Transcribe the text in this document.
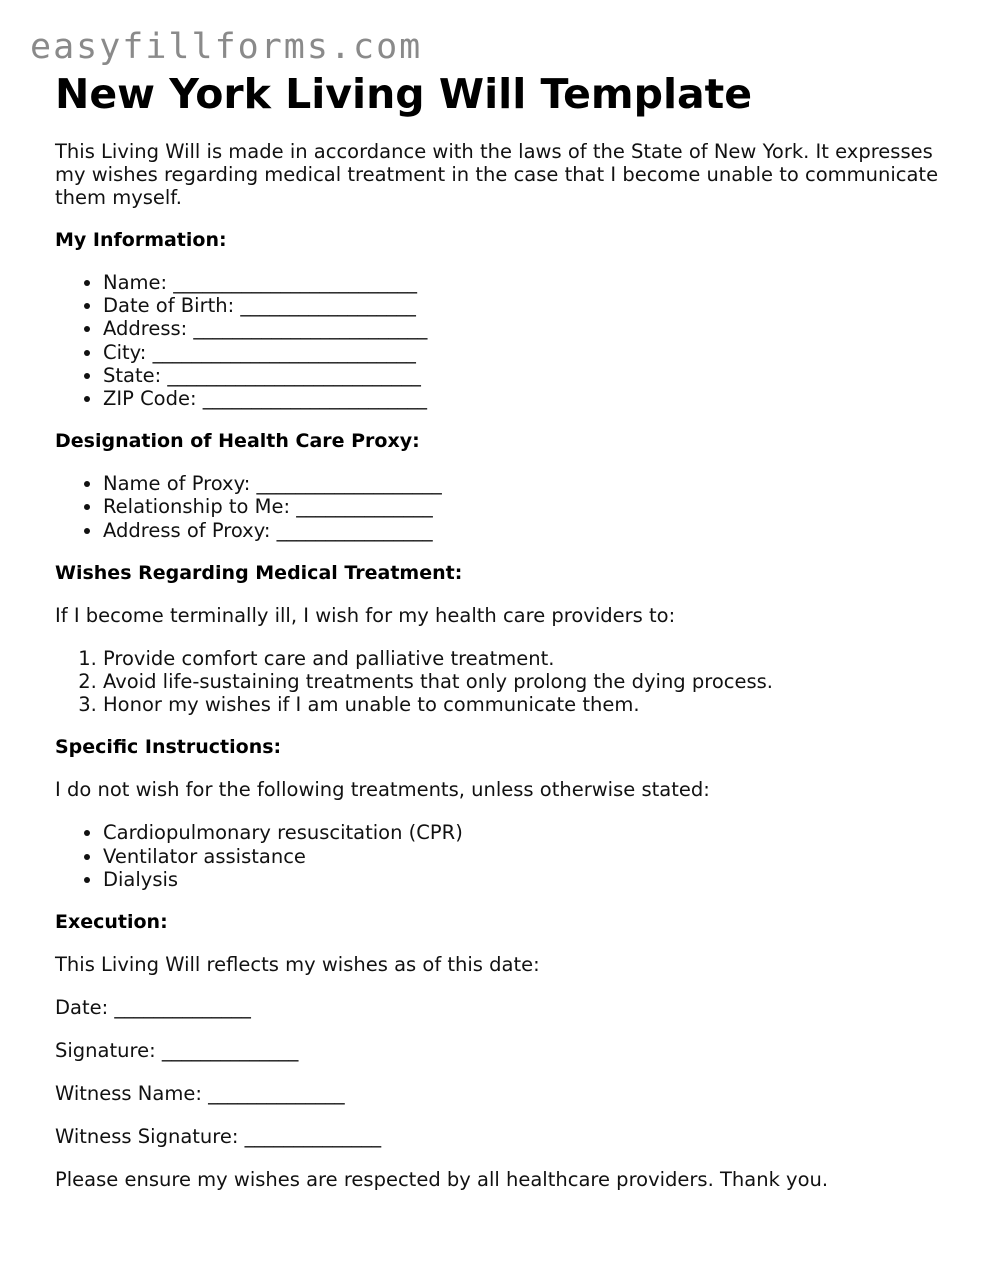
easyfillforms.com
New York Living Will Template

This Living Will is made in accordance with the laws of the State of New York. It expresses my wishes regarding medical treatment in the case that I become unable to communicate them myself.

My Information:
• Name: _________________________
• Date of Birth: __________________
• Address: ________________________
• City: ___________________________
• State: __________________________
• ZIP Code: _______________________
Designation of Health Care Proxy:
• Name of Proxy: ___________________
• Relationship to Me: ______________
• Address of Proxy: ________________
Wishes Regarding Medical Treatment:

If I become terminally ill, I wish for my health care providers to:

1. Provide comfort care and palliative treatment.
2. Avoid life-sustaining treatments that only prolong the dying process.
3. Honor my wishes if I am unable to communicate them.
Specific Instructions:

I do not wish for the following treatments, unless otherwise stated:

• Cardiopulmonary resuscitation (CPR)
• Ventilator assistance
• Dialysis
Execution:

This Living Will reflects my wishes as of this date:

Date: ______________

Signature: ______________

Witness Name: ______________

Witness Signature: ______________

Please ensure my wishes are respected by all healthcare providers. Thank you.
